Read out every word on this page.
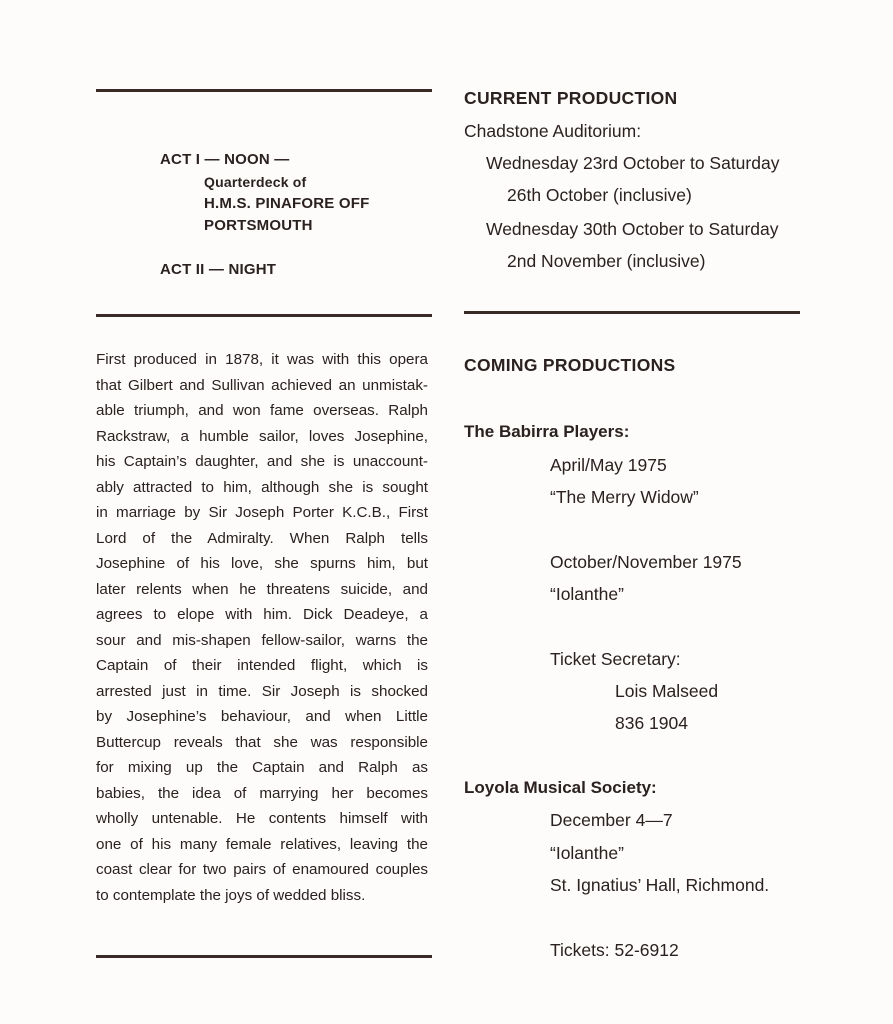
ACT I — NOON —
Quarterdeck of
H.M.S. PINAFORE OFF
PORTSMOUTH
ACT II — NIGHT
First produced in 1878, it was with this opera
that Gilbert and Sullivan achieved an unmistak-
able triumph, and won fame overseas. Ralph
Rackstraw, a humble sailor, loves Josephine,
his Captain’s daughter, and she is unaccount-
ably attracted to him, although she is sought
in marriage by Sir Joseph Porter K.C.B., First
Lord of the Admiralty. When Ralph tells
Josephine of his love, she spurns him, but
later relents when he threatens suicide, and
agrees to elope with him. Dick Deadeye, a
sour and mis-shapen fellow-sailor, warns the
Captain of their intended flight, which is
arrested just in time. Sir Joseph is shocked
by Josephine’s behaviour, and when Little
Buttercup reveals that she was responsible
for mixing up the Captain and Ralph as
babies, the idea of marrying her becomes
wholly untenable. He contents himself with
one of his many female relatives, leaving the
coast clear for two pairs of enamoured couples
to contemplate the joys of wedded bliss.
CURRENT PRODUCTION
Chadstone Auditorium:
Wednesday 23rd October to Saturday
26th October (inclusive)
Wednesday 30th October to Saturday
2nd November (inclusive)
COMING PRODUCTIONS
The Babirra Players:
April/May 1975
“The Merry Widow”
October/November 1975
“Iolanthe”
Ticket Secretary:
Lois Malseed
836 1904
Loyola Musical Society:
December 4—7
“Iolanthe”
St. Ignatius’ Hall, Richmond.
Tickets: 52-6912
